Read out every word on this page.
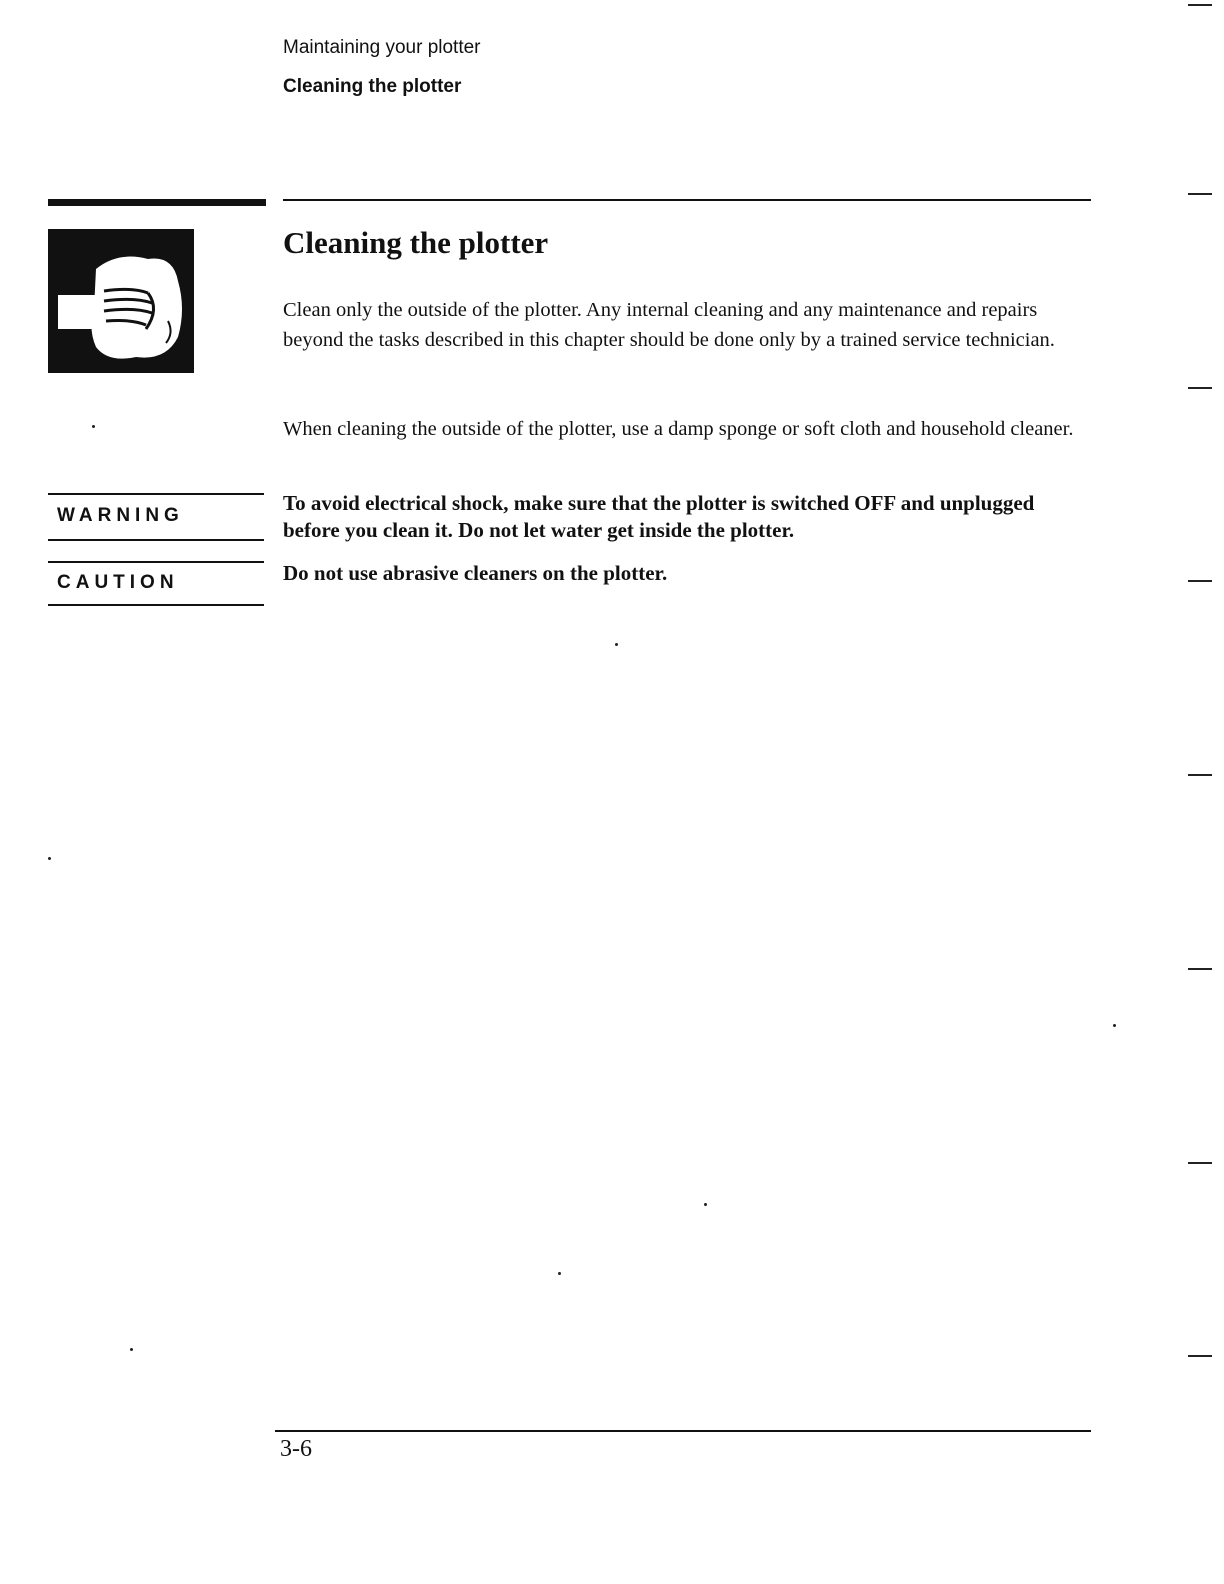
Maintaining your plotter
Cleaning the plotter
Cleaning the plotter
Clean only the outside of the plotter. Any internal cleaning and any maintenance and repairs beyond the tasks described in this chapter should be done only by a trained service technician.
When cleaning the outside of the plotter, use a damp sponge or soft cloth and household cleaner.
WARNING
To avoid electrical shock, make sure that the plotter is switched OFF and unplugged before you clean it. Do not let water get inside the plotter.
CAUTION	Do not use abrasive cleaners on the plotter.
3-6
